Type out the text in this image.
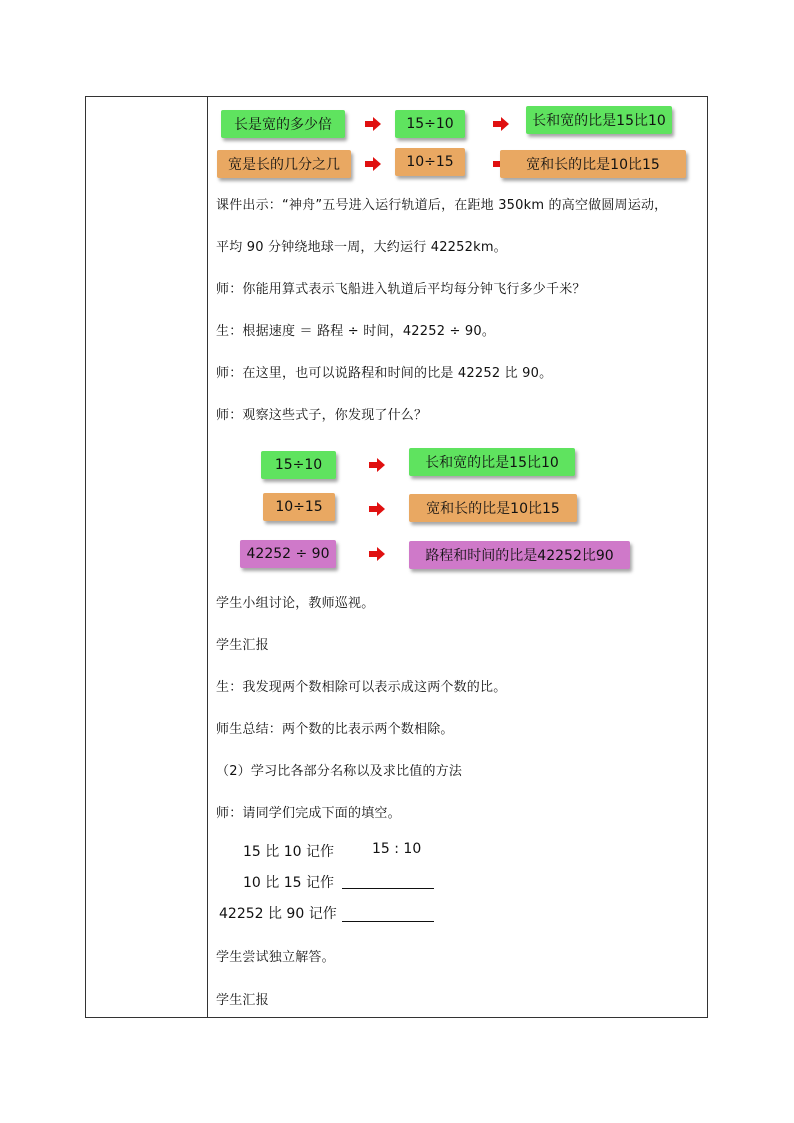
长是宽的多少倍	15÷10	长和宽的比是15比10
宽是长的几分之几	10÷15	宽和长的比是10比15
课件出示：“神舟”五号进入运行轨道后，在距地 350km 的高空做圆周运动，
平均 90 分钟绕地球一周，大约运行 42252km。
师：你能用算式表示飞船进入轨道后平均每分钟飞行多少千米？
生：根据速度 ＝ 路程 ÷ 时间，42252 ÷ 90。
师：在这里，也可以说路程和时间的比是 42252 比 90。
师：观察这些式子，你发现了什么？
15÷10	长和宽的比是15比10
10÷15	宽和长的比是10比15
42252 ÷ 90	路程和时间的比是42252比90
学生小组讨论，教师巡视。
学生汇报
生：我发现两个数相除可以表示成这两个数的比。
师生总结：两个数的比表示两个数相除。
（2）学习比各部分名称以及求比值的方法
师：请同学们完成下面的填空。
15 比 10 记作	15 : 10
10 比 15 记作
42252 比 90 记作
学生尝试独立解答。
学生汇报
